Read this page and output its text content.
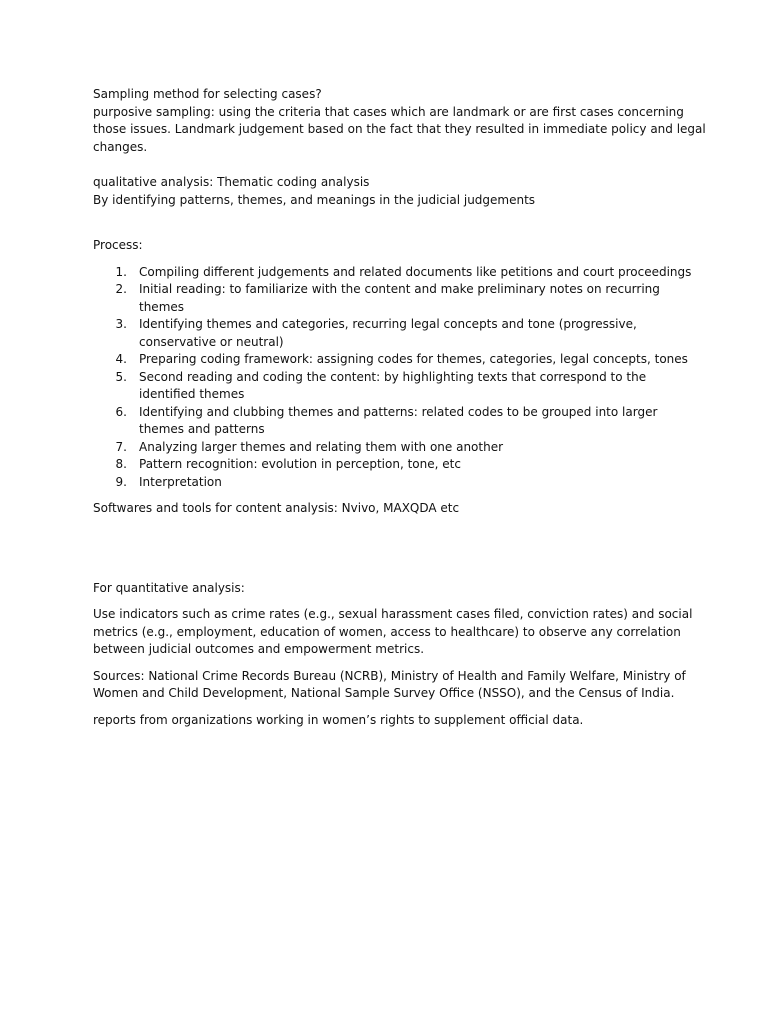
Sampling method for selecting cases?
purposive sampling: using the criteria that cases which are landmark or are first cases concerning
those issues. Landmark judgement based on the fact that they resulted in immediate policy and legal
changes.
qualitative analysis: Thematic coding analysis
By identifying patterns, themes, and meanings in the judicial judgements
Process:
1. Compiling different judgements and related documents like petitions and court proceedings
2. Initial reading: to familiarize with the content and make preliminary notes on recurring
themes
3. Identifying themes and categories, recurring legal concepts and tone (progressive,
conservative or neutral)
4. Preparing coding framework: assigning codes for themes, categories, legal concepts, tones
5. Second reading and coding the content: by highlighting texts that correspond to the
identified themes
6. Identifying and clubbing themes and patterns: related codes to be grouped into larger
themes and patterns
7. Analyzing larger themes and relating them with one another
8. Pattern recognition: evolution in perception, tone, etc
9. Interpretation
Softwares and tools for content analysis: Nvivo, MAXQDA etc
For quantitative analysis:
Use indicators such as crime rates (e.g., sexual harassment cases filed, conviction rates) and social
metrics (e.g., employment, education of women, access to healthcare) to observe any correlation
between judicial outcomes and empowerment metrics.
Sources: National Crime Records Bureau (NCRB), Ministry of Health and Family Welfare, Ministry of
Women and Child Development, National Sample Survey Office (NSSO), and the Census of India.
reports from organizations working in women’s rights to supplement official data.
